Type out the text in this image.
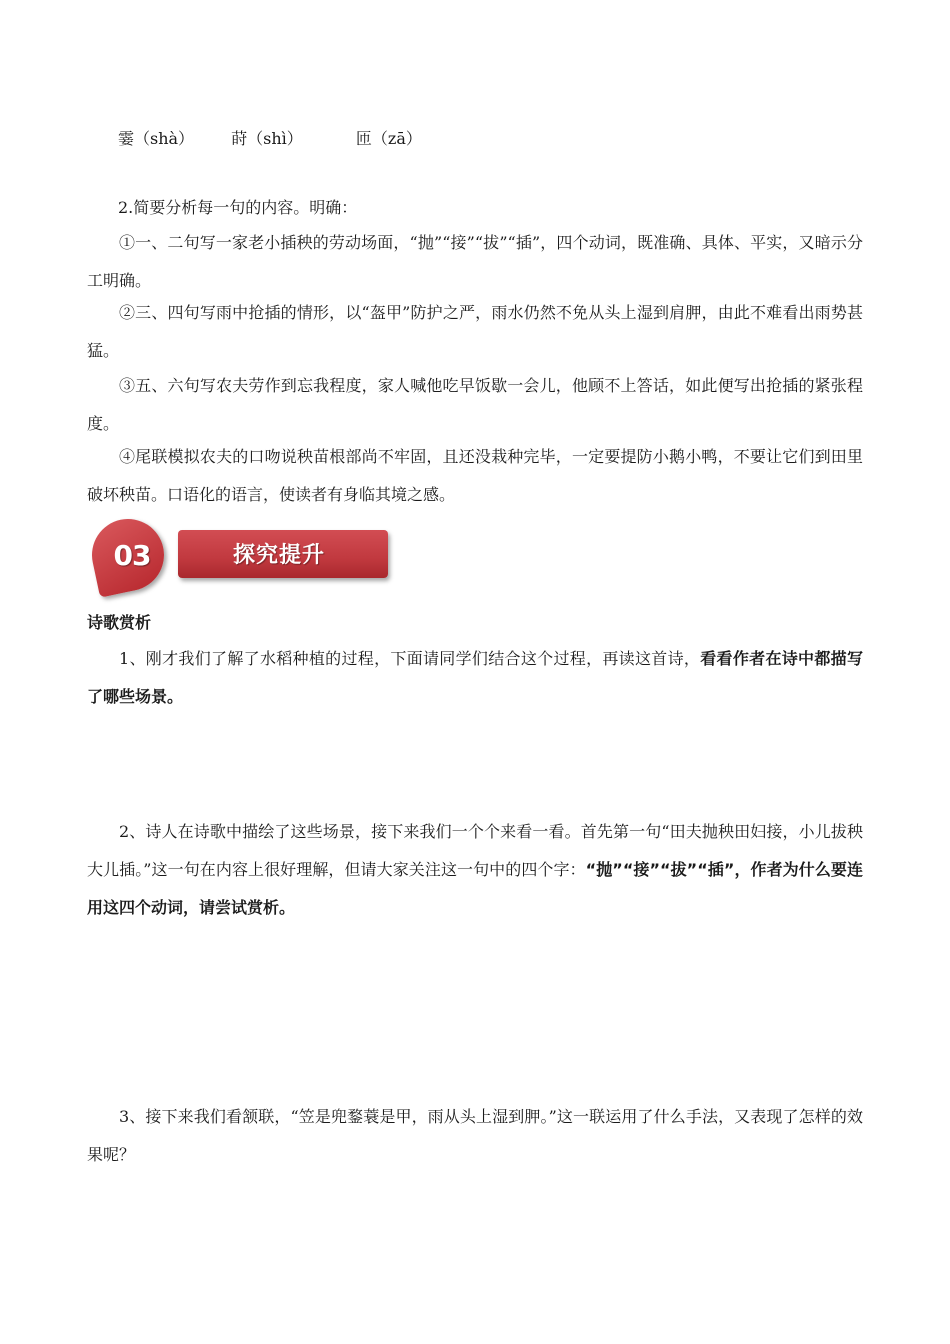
霎（shà） 莳（shì）	匝（zā）
2.简要分析每一句的内容。明确：
①一、二句写一家老小插秧的劳动场面，“抛”“接”“拔”“插”，四个动词，既准确、具体、平实，又暗示分工明确。
②三、四句写雨中抢插的情形，以“盔甲”防护之严，雨水仍然不免从头上湿到肩胛，由此不难看出雨势甚猛。
③五、六句写农夫劳作到忘我程度，家人喊他吃早饭歇一会儿，他顾不上答话，如此便写出抢插的紧张程度。
④尾联模拟农夫的口吻说秧苗根部尚不牢固，且还没栽种完毕，一定要提防小鹅小鸭，不要让它们到田里破坏秧苗。口语化的语言，使读者有身临其境之感。
探究提升
03
诗歌赏析
1、刚才我们了解了水稻种植的过程，下面请同学们结合这个过程，再读这首诗，看看作者在诗中都描写了哪些场景。
2、诗人在诗歌中描绘了这些场景，接下来我们一个个来看一看。首先第一句“田夫抛秧田妇接，小儿拔秧大儿插。”这一句在内容上很好理解，但请大家关注这一句中的四个字：“抛”“接”“拔”“插”，作者为什么要连用这四个动词，请尝试赏析。
3、接下来我们看颔联，“笠是兜鍪蓑是甲，雨从头上湿到胛。”这一联运用了什么手法，又表现了怎样的效果呢？
